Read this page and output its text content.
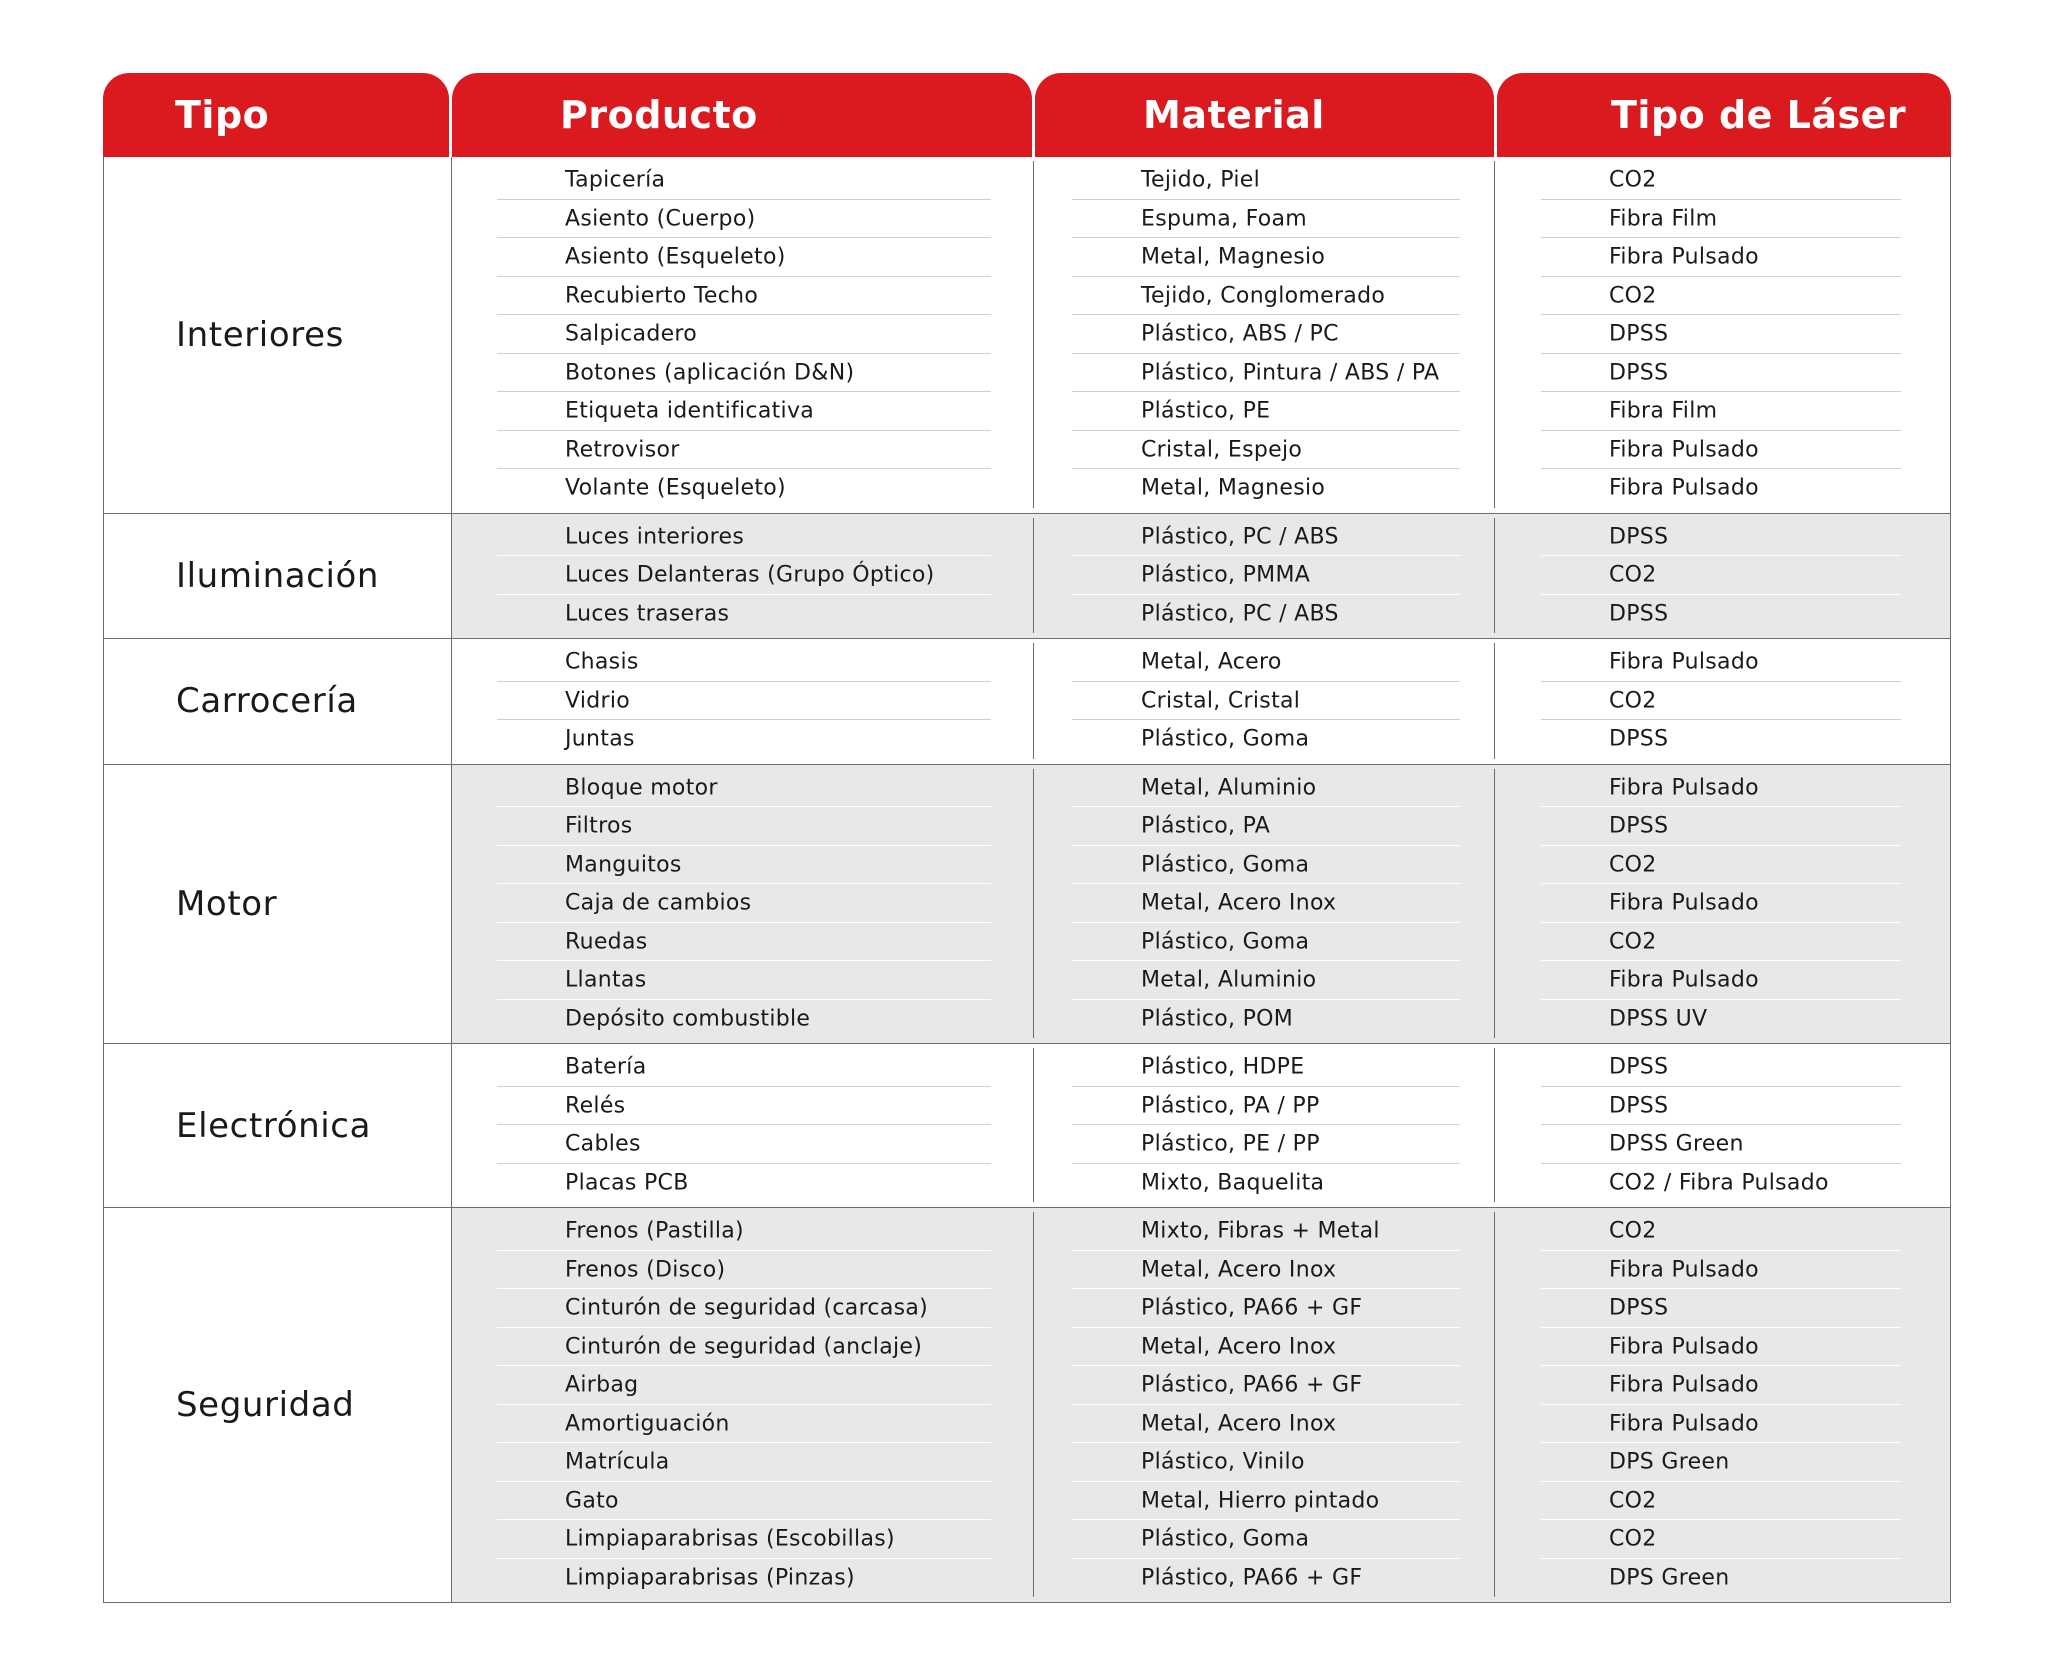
Tipo	Producto	Material	Tipo de Láser
Interiores
Tapicería	Tejido, Piel	CO2
Asiento (Cuerpo)	Espuma, Foam	Fibra Film
Asiento (Esqueleto)	Metal, Magnesio	Fibra Pulsado
Recubierto Techo	Tejido, Conglomerado	CO2
Salpicadero	Plástico, ABS / PC	DPSS
Botones (aplicación D&N)	Plástico, Pintura / ABS / PA	DPSS
Etiqueta identificativa	Plástico, PE	Fibra Film
Retrovisor	Cristal, Espejo	Fibra Pulsado
Volante (Esqueleto)	Metal, Magnesio	Fibra Pulsado
Iluminación
Luces interiores	Plástico, PC / ABS	DPSS
Luces Delanteras (Grupo Óptico)	Plástico, PMMA	CO2
Luces traseras	Plástico, PC / ABS	DPSS
Carrocería
Chasis	Metal, Acero	Fibra Pulsado
Vidrio	Cristal, Cristal	CO2
Juntas	Plástico, Goma	DPSS
Motor
Bloque motor	Metal, Aluminio	Fibra Pulsado
Filtros	Plástico, PA	DPSS
Manguitos	Plástico, Goma	CO2
Caja de cambios	Metal, Acero Inox	Fibra Pulsado
Ruedas	Plástico, Goma	CO2
Llantas	Metal, Aluminio	Fibra Pulsado
Depósito combustible	Plástico, POM	DPSS UV
Electrónica
Batería	Plástico, HDPE	DPSS
Relés	Plástico, PA / PP	DPSS
Cables	Plástico, PE / PP	DPSS Green
Placas PCB	Mixto, Baquelita	CO2 / Fibra Pulsado
Seguridad
Frenos (Pastilla)	Mixto, Fibras + Metal	CO2
Frenos (Disco)	Metal, Acero Inox	Fibra Pulsado
Cinturón de seguridad (carcasa)	Plástico, PA66 + GF	DPSS
Cinturón de seguridad (anclaje)	Metal, Acero Inox	Fibra Pulsado
Airbag	Plástico, PA66 + GF	Fibra Pulsado
Amortiguación	Metal, Acero Inox	Fibra Pulsado
Matrícula	Plástico, Vinilo	DPS Green
Gato	Metal, Hierro pintado	CO2
Limpiaparabrisas (Escobillas)	Plástico, Goma	CO2
Limpiaparabrisas (Pinzas)	Plástico, PA66 + GF	DPS Green
